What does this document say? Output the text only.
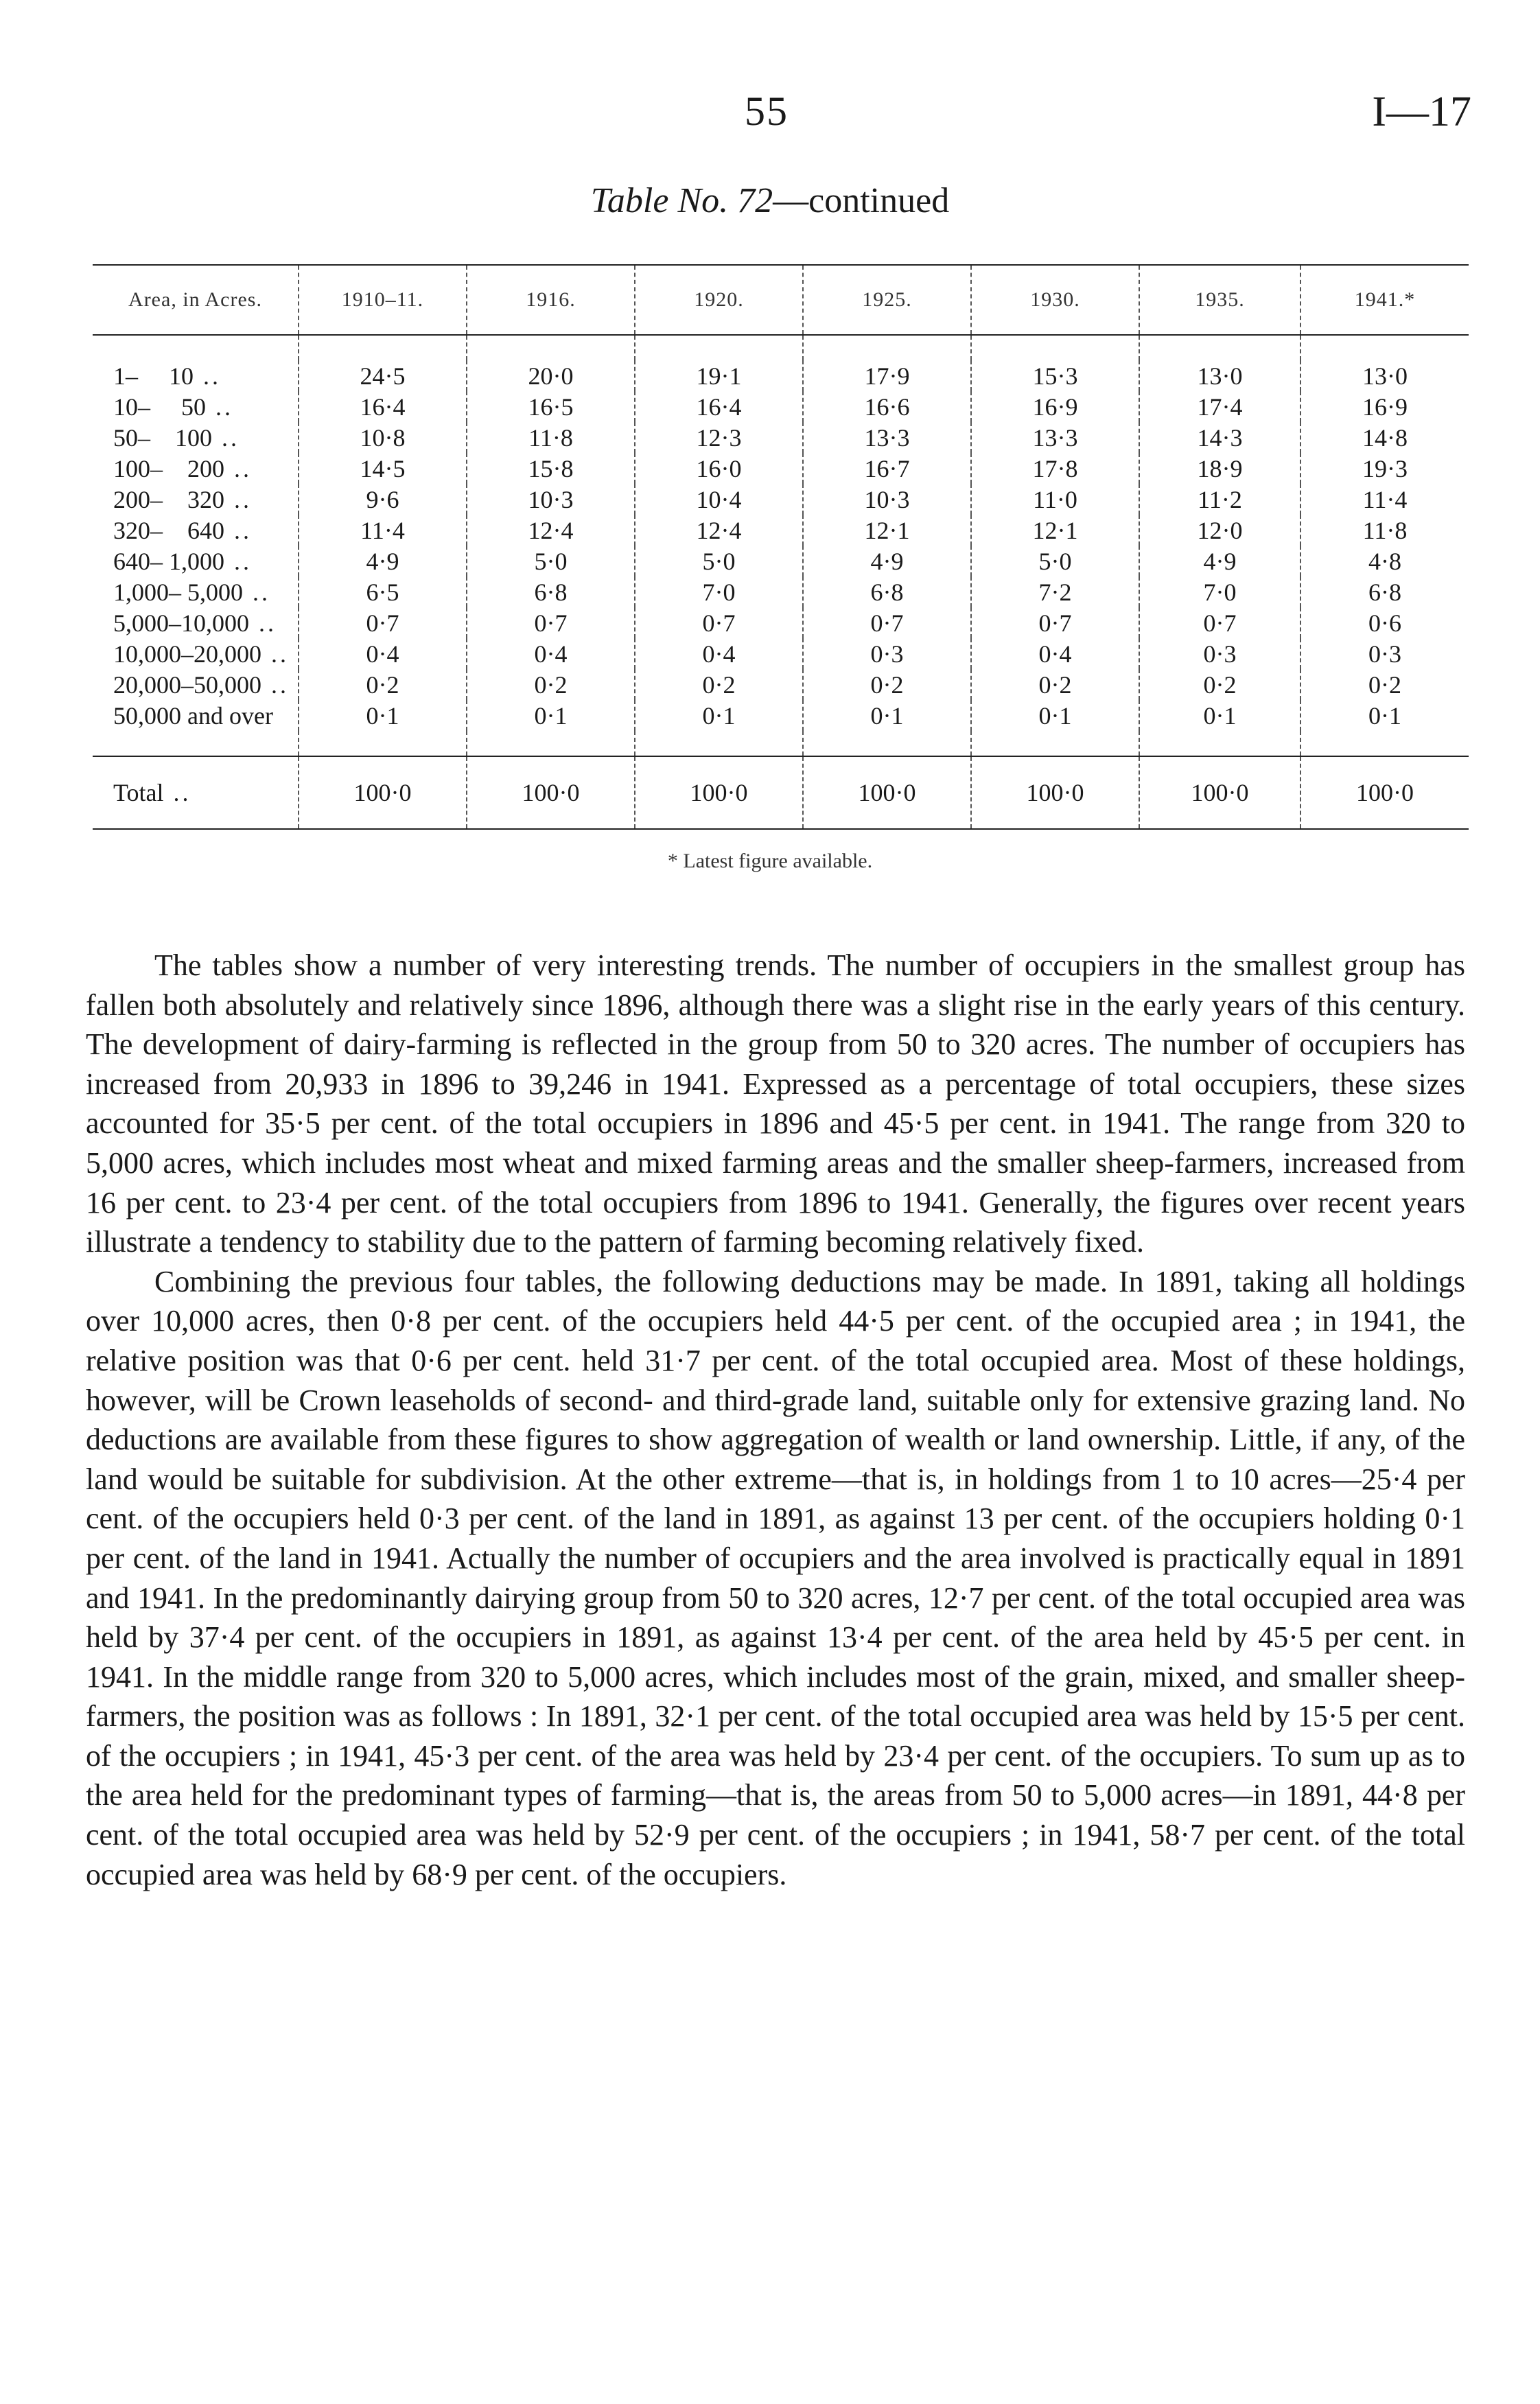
55	I—17
Table No. 72—continued
Area, in Acres.	1910–11.	1916.	1920.	1925.	1930.	1935.	1941.*

1–     10 ..	24·5	20·0	19·1	17·9	15·3	13·0	13·0
10–     50 ..	16·4	16·5	16·4	16·6	16·9	17·4	16·9
50–    100 ..	10·8	11·8	12·3	13·3	13·3	14·3	14·8
100–    200 ..	14·5	15·8	16·0	16·7	17·8	18·9	19·3
200–    320 ..	9·6	10·3	10·4	10·3	11·0	11·2	11·4
320–    640 ..	11·4	12·4	12·4	12·1	12·1	12·0	11·8
640– 1,000 ..	4·9	5·0	5·0	4·9	5·0	4·9	4·8
1,000– 5,000 ..	6·5	6·8	7·0	6·8	7·2	7·0	6·8
5,000–10,000 ..	0·7	0·7	0·7	0·7	0·7	0·7	0·6
10,000–20,000 ..	0·4	0·4	0·4	0·3	0·4	0·3	0·3
20,000–50,000 ..	0·2	0·2	0·2	0·2	0·2	0·2	0·2
50,000 and over	0·1	0·1	0·1	0·1	0·1	0·1	0·1

Total ..	100·0	100·0	100·0	100·0	100·0	100·0	100·0
* Latest figure available.

The tables show a number of very interesting trends. The number of occupiers in the smallest group has fallen both absolutely and relatively since 1896, although there was a slight rise in the early years of this century. The development of dairy-farming is reflected in the group from 50 to 320 acres. The number of occupiers has increased from 20,933 in 1896 to 39,246 in 1941. Expressed as a percentage of total occupiers, these sizes accounted for 35·5 per cent. of the total occupiers in 1896 and 45·5 per cent. in 1941. The range from 320 to 5,000 acres, which includes most wheat and mixed farming areas and the smaller sheep-farmers, increased from 16 per cent. to 23·4 per cent. of the total occupiers from 1896 to 1941. Generally, the figures over recent years illustrate a tendency to stability due to the pattern of farming becoming relatively fixed.

Combining the previous four tables, the following deductions may be made. In 1891, taking all holdings over 10,000 acres, then 0·8 per cent. of the occupiers held 44·5 per cent. of the occupied area ; in 1941, the relative position was that 0·6 per cent. held 31·7 per cent. of the total occupied area. Most of these holdings, however, will be Crown leaseholds of second- and third-grade land, suitable only for extensive grazing land. No deductions are available from these figures to show aggregation of wealth or land ownership. Little, if any, of the land would be suitable for subdivision. At the other extreme—that is, in holdings from 1 to 10 acres—25·4 per cent. of the occupiers held 0·3 per cent. of the land in 1891, as against 13 per cent. of the occupiers holding 0·1 per cent. of the land in 1941. Actually the number of occupiers and the area involved is practically equal in 1891 and 1941. In the predominantly dairying group from 50 to 320 acres, 12·7 per cent. of the total occupied area was held by 37·4 per cent. of the occupiers in 1891, as against 13·4 per cent. of the area held by 45·5 per cent. in 1941. In the middle range from 320 to 5,000 acres, which includes most of the grain, mixed, and smaller sheep-farmers, the position was as follows : In 1891, 32·1 per cent. of the total occupied area was held by 15·5 per cent. of the occupiers ; in 1941, 45·3 per cent. of the area was held by 23·4 per cent. of the occupiers. To sum up as to the area held for the predominant types of farming—that is, the areas from 50 to 5,000 acres—in 1891, 44·8 per cent. of the total occupied area was held by 52·9 per cent. of the occupiers ; in 1941, 58·7 per cent. of the total occupied area was held by 68·9 per cent. of the occupiers.
